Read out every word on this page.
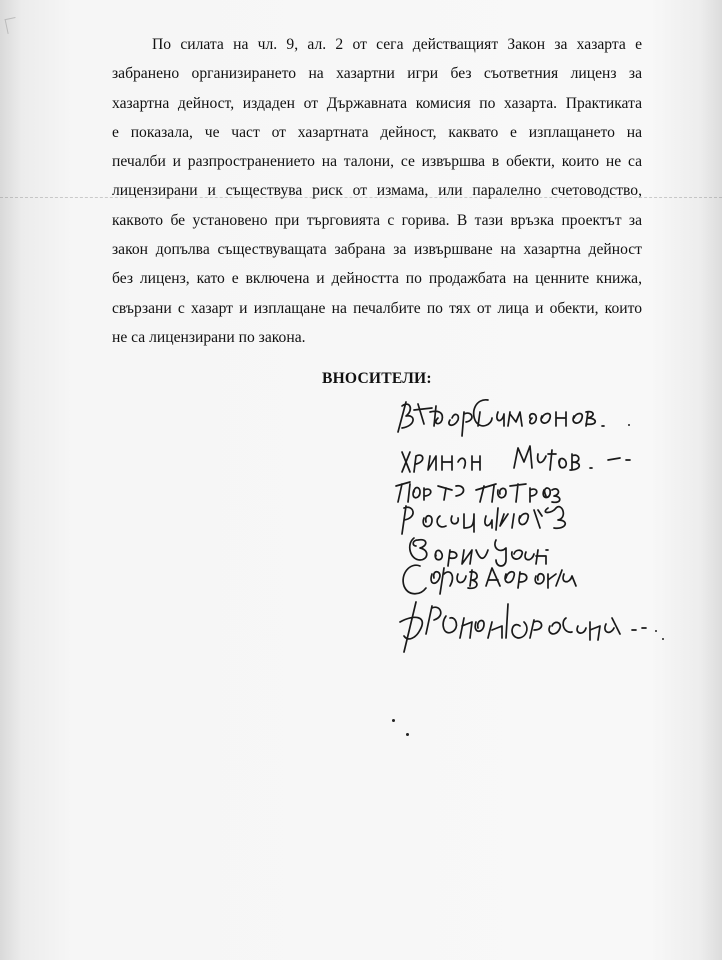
По силата на чл. 9, ал. 2 от сега действащият Закон за хазарта е
забранено организирането на хазартни игри без съответния лиценз за
хазартна дейност, издаден от Държавната комисия по хазарта. Практиката
е показала, че част от хазартната дейност, каквато е изплащането на
печалби и разпространението на талони, се извършва в обекти, които не са
лицензирани и съществува риск от измама, или паралелно счетоводство,
каквото бе установено при търговията с горива. В тази връзка проектът за
закон допълва съществуващата забрана за извършване на хазартна дейност
без лиценз, като е включена и дейността по продажбата на ценните книжа,
свързани с хазарт и изплащане на печалбите по тях от лица и обекти, които
не са лицензирани по закона.
ВНОСИТЕЛИ:
